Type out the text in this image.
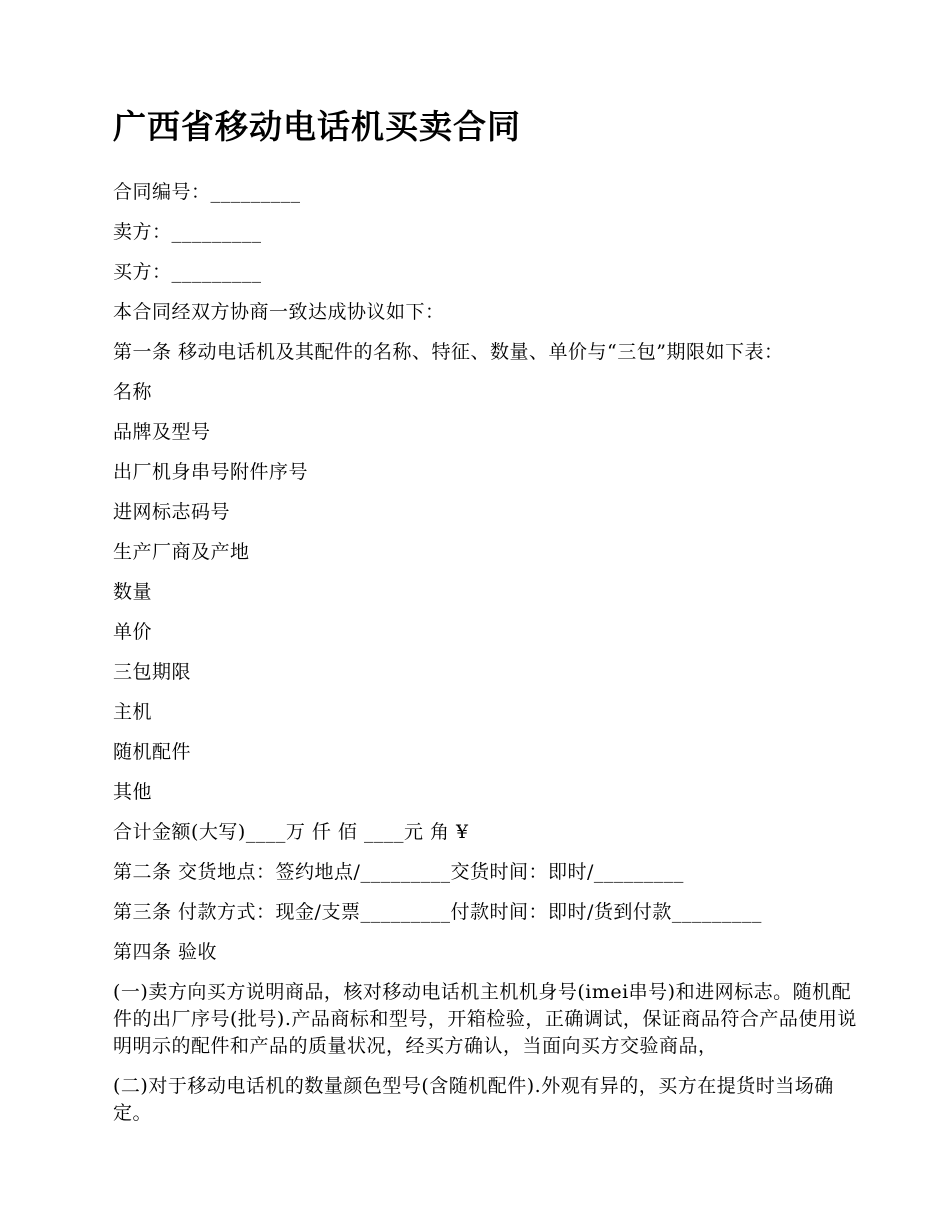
广西省移动电话机买卖合同

合同编号：_________

卖方：_________

买方：_________

本合同经双方协商一致达成协议如下：

第一条 移动电话机及其配件的名称、特征、数量、单价与“三包”期限如下表：

名称

品牌及型号

出厂机身串号附件序号

进网标志码号

生产厂商及产地

数量

单价

三包期限

主机

随机配件

其他

合计金额(大写)____万 仟 佰 ____元 角 ¥

第二条 交货地点：签约地点/_________交货时间：即时/_________

第三条 付款方式：现金/支票_________付款时间：即时/货到付款_________

第四条 验收

(一)卖方向买方说明商品，核对移动电话机主机机身号(imei串号)和进网标志。随机配件的出厂序号(批号).产品商标和型号，开箱检验，正确调试，保证商品符合产品使用说明明示的配件和产品的质量状况，经买方确认，当面向买方交验商品，

(二)对于移动电话机的数量颜色型号(含随机配件).外观有异的，买方在提货时当场确定。
